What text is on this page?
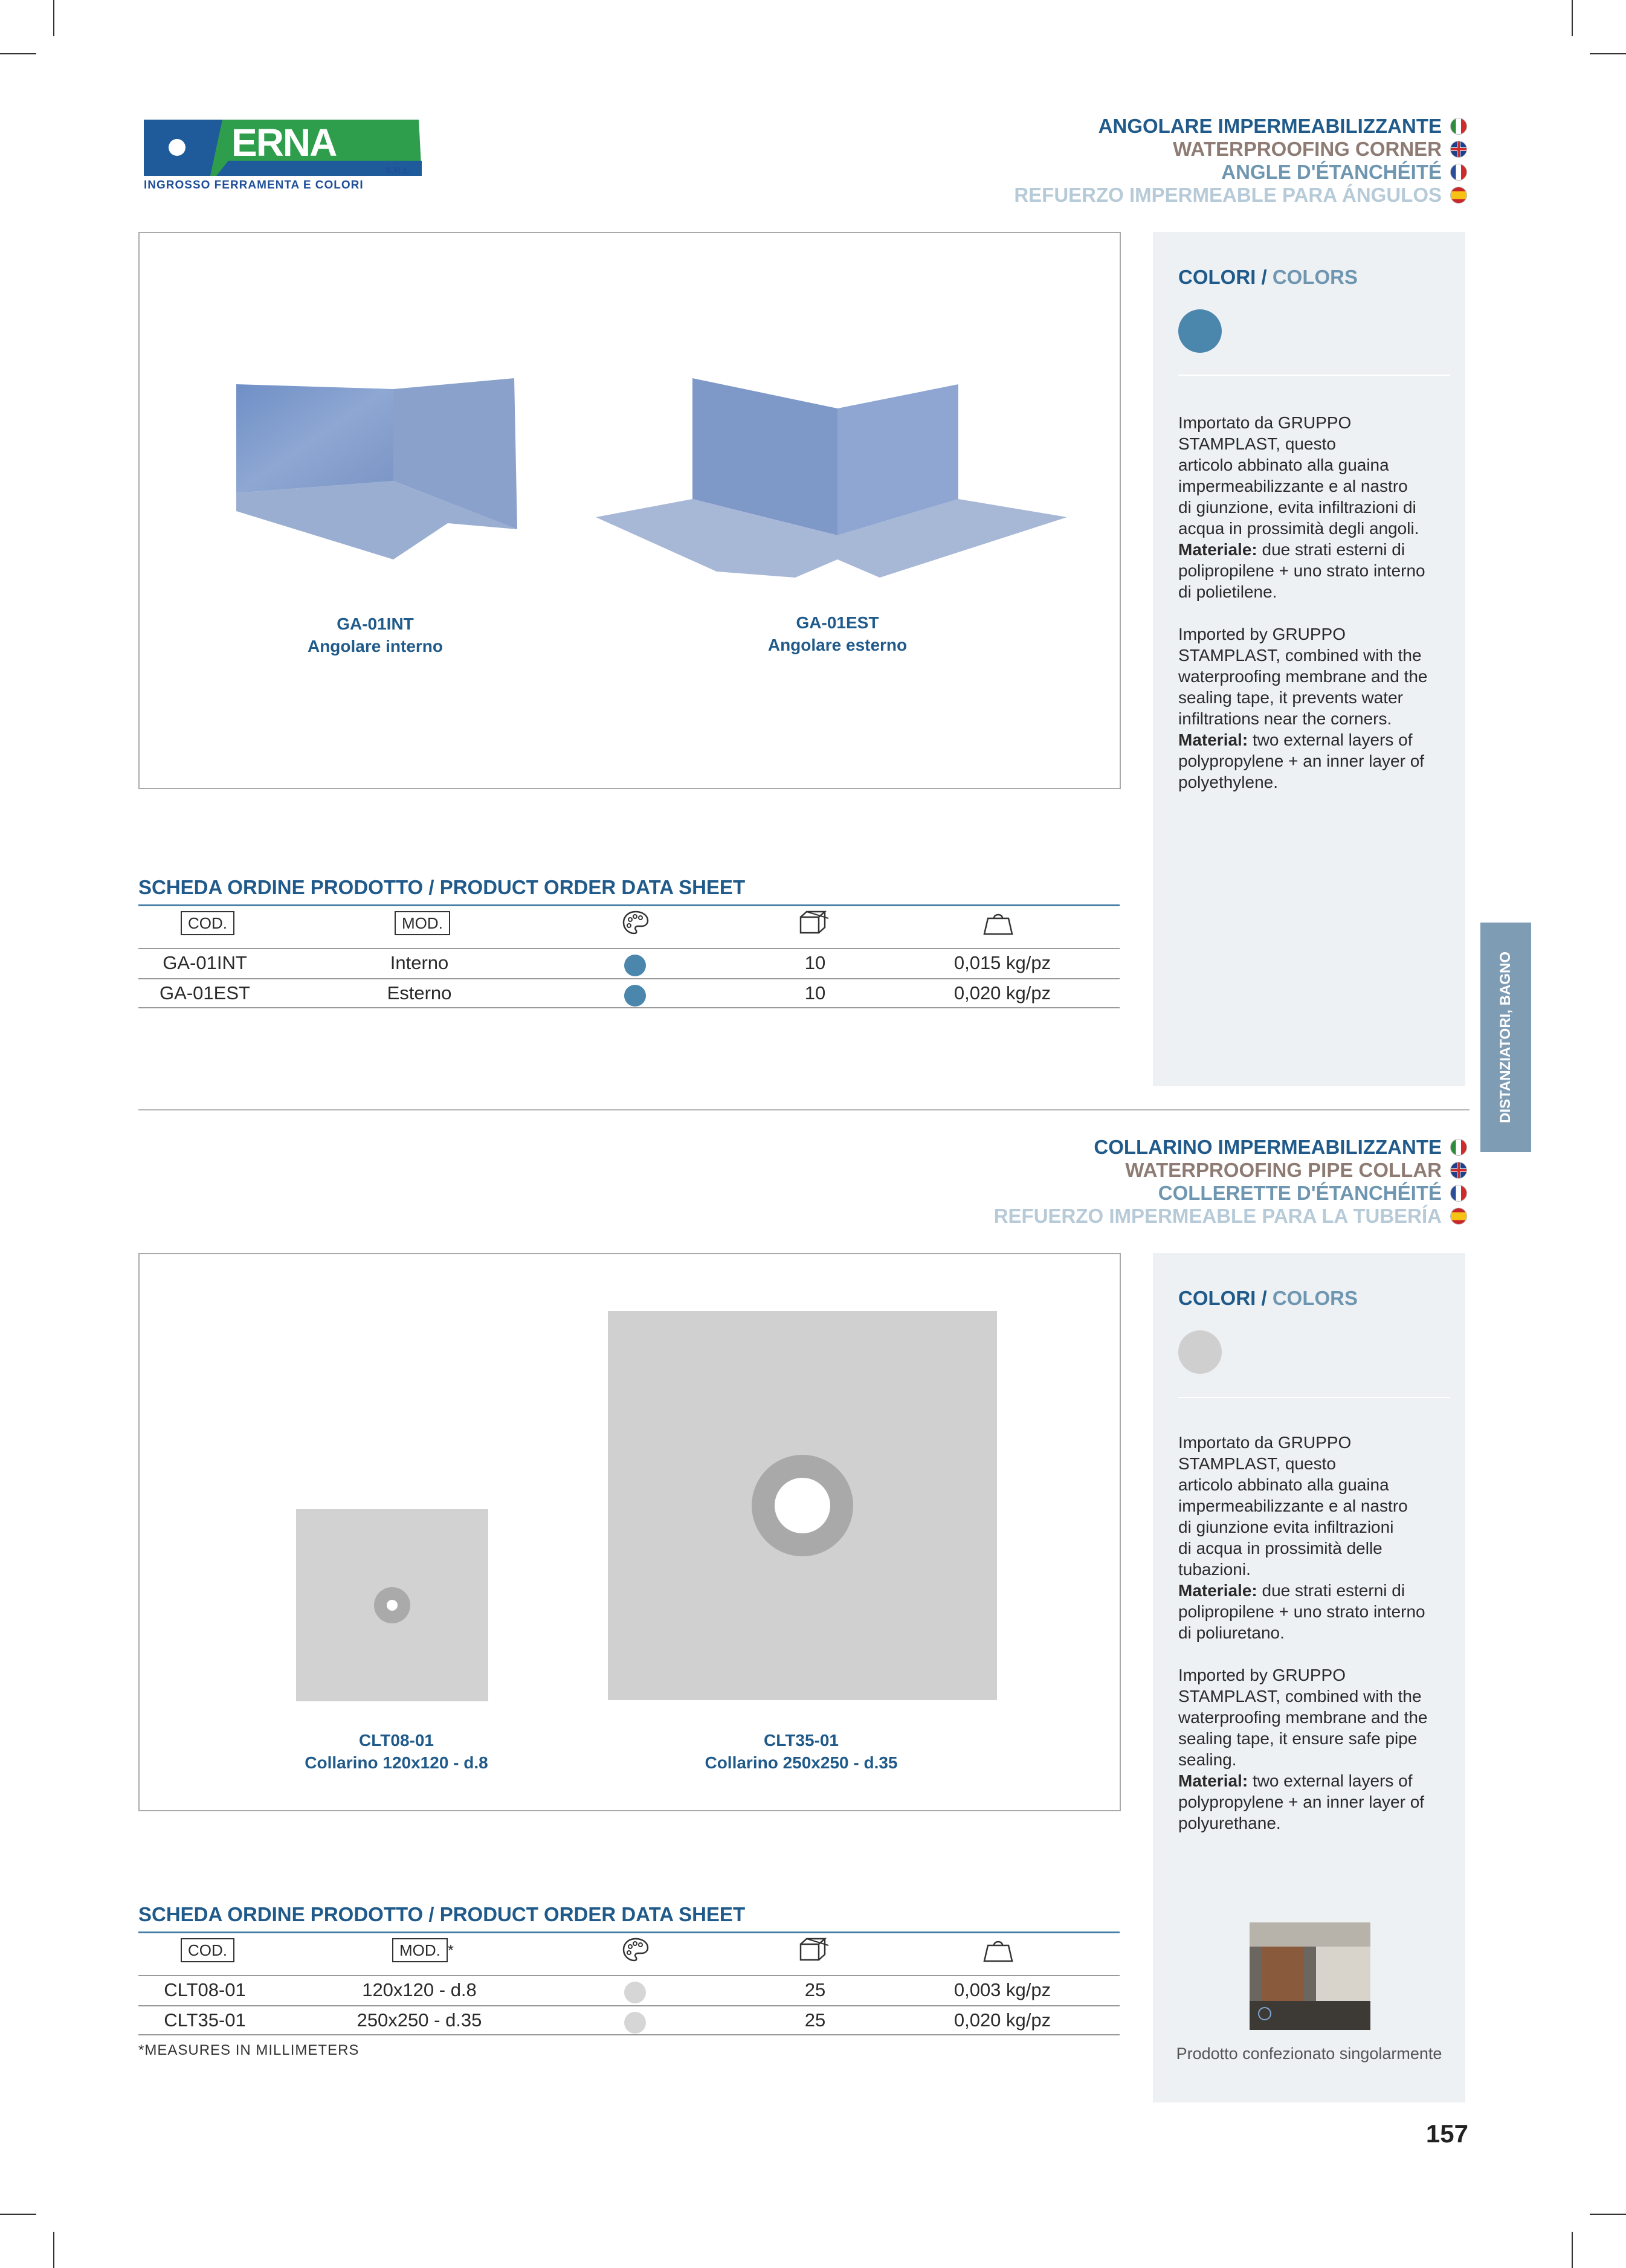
ERNA
INGROSSO FERRAMENTA E COLORI
S.R.L.
ANGOLARE IMPERMEABILIZZANTE
WATERPROOFING CORNER
ANGLE D'ÉTANCHÉITÉ
REFUERZO IMPERMEABLE PARA ÁNGULOS
GA-01INT
Angolare interno
GA-01EST
Angolare esterno
COLORI / COLORS
Importato da GRUPPO
STAMPLAST, questo
articolo abbinato alla guaina
impermeabilizzante e al nastro
di giunzione, evita infiltrazioni di
acqua in prossimità degli angoli.
Materiale: due strati esterni di
polipropilene + uno strato interno
di polietilene.
Imported by GRUPPO
STAMPLAST, combined with the
waterproofing membrane and the
sealing tape, it prevents water
infiltrations near the corners.
Material: two external layers of
polypropylene + an inner layer of
polyethylene.
SCHEDA ORDINE PRODOTTO / PRODUCT ORDER DATA SHEET
COD.	MOD.
GA-01INT	Interno	10	0,015 kg/pz
GA-01EST	Esterno	10	0,020 kg/pz	DISTANZIATORI, BAGNO
COLLARINO IMPERMEABILIZZANTE
WATERPROOFING PIPE COLLAR
COLLERETTE D'ÉTANCHÉITÉ
REFUERZO IMPERMEABLE PARA LA TUBERÍA
CLT08-01
Collarino 120x120 - d.8
CLT35-01
Collarino 250x250 - d.35
COLORI / COLORS
Importato da GRUPPO
STAMPLAST, questo
articolo abbinato alla guaina
impermeabilizzante e al nastro
di giunzione evita infiltrazioni
di acqua in prossimità delle
tubazioni.
Materiale: due strati esterni di
polipropilene + uno strato interno
di poliuretano.
Imported by GRUPPO
STAMPLAST, combined with the
waterproofing membrane and the
sealing tape, it ensure safe pipe
sealing.
Material: two external layers of
polypropylene + an inner layer of
polyurethane.
Prodotto confezionato singolarmente
SCHEDA ORDINE PRODOTTO / PRODUCT ORDER DATA SHEET
COD.	MOD. *
CLT08-01	120x120 - d.8	25	0,003 kg/pz
CLT35-01	250x250 - d.35	25	0,020 kg/pz
*MEASURES IN MILLIMETERS
157
